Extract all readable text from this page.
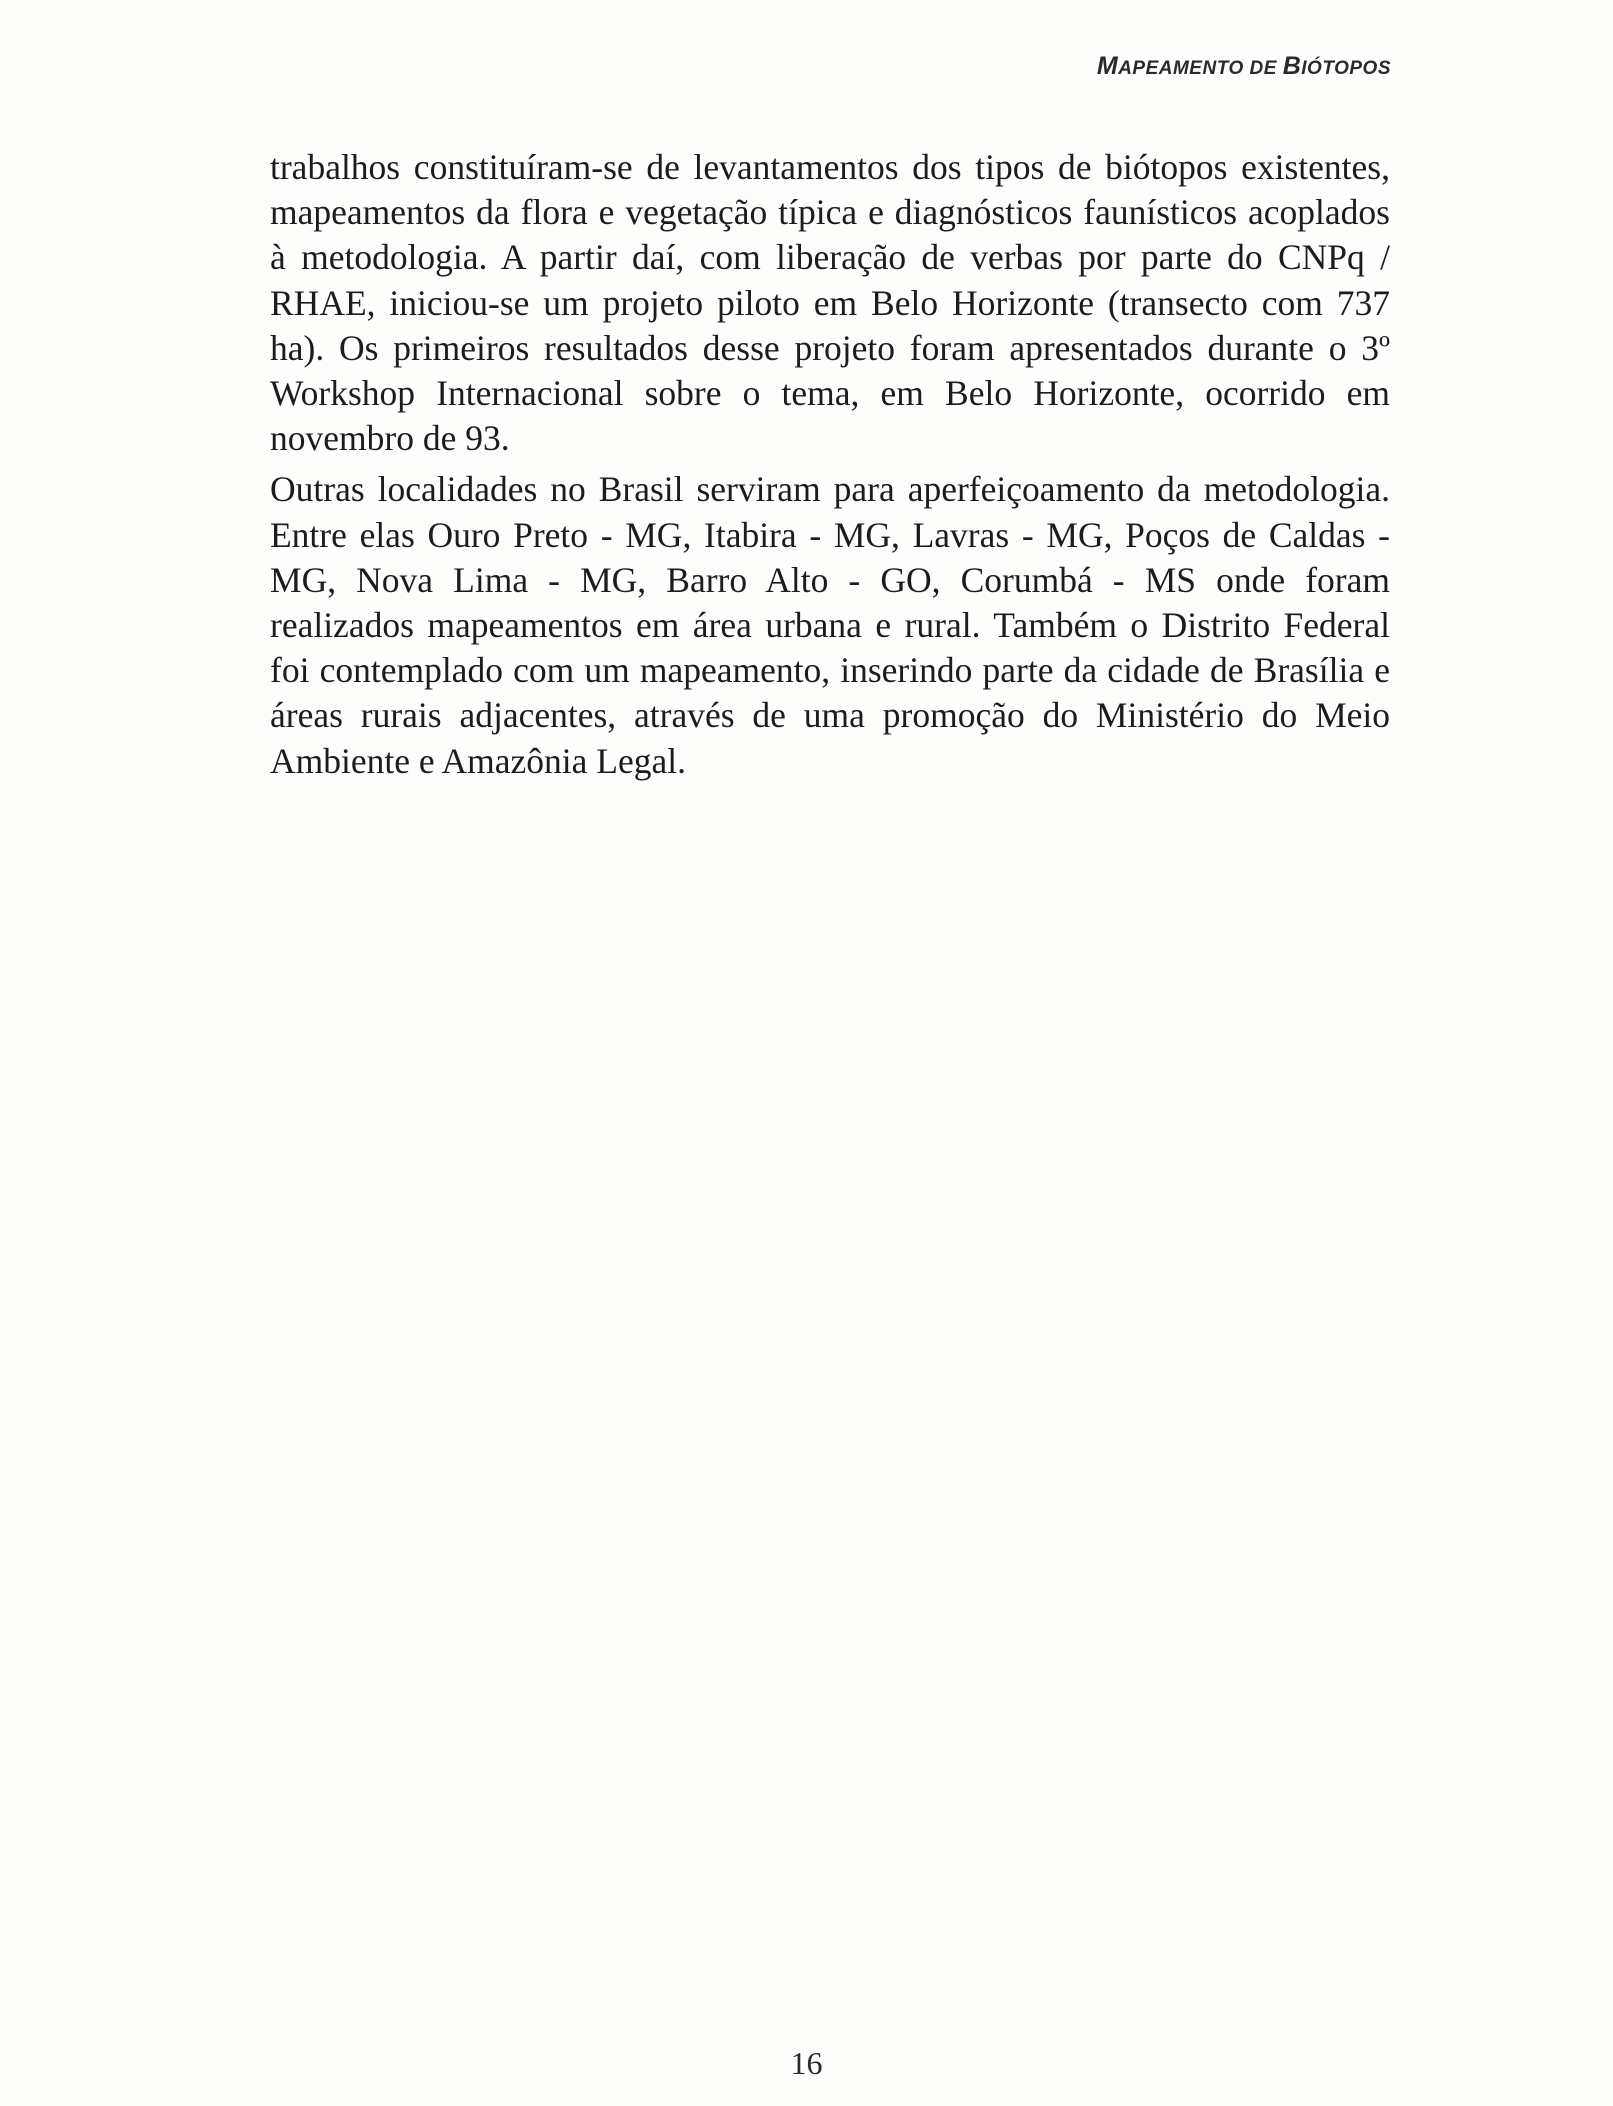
MAPEAMENTO DE BIÓTOPOS

trabalhos constituíram-se de levantamentos dos tipos de biótopos existentes, mapeamentos da flora e vegetação típica e diagnósticos faunísticos acoplados à metodologia. A partir daí, com liberação de verbas por parte do CNPq / RHAE, iniciou-se um projeto piloto em Belo Horizonte (transecto com 737 ha). Os primeiros resultados desse projeto foram apresentados durante o 3º Workshop Internacional sobre o tema, em Belo Horizonte, ocorrido em novembro de 93.

Outras localidades no Brasil serviram para aperfeiçoamento da metodologia. Entre elas Ouro Preto - MG, Itabira - MG, Lavras - MG, Poços de Caldas -MG, Nova Lima - MG, Barro Alto - GO, Corumbá - MS onde foram realizados mapeamentos em área urbana e rural. Também o Distrito Federal foi contemplado com um mapeamento, inserindo parte da cidade de Brasília e áreas rurais adjacentes, através de uma promoção do Ministério do Meio Ambiente e Amazônia Legal.

16
